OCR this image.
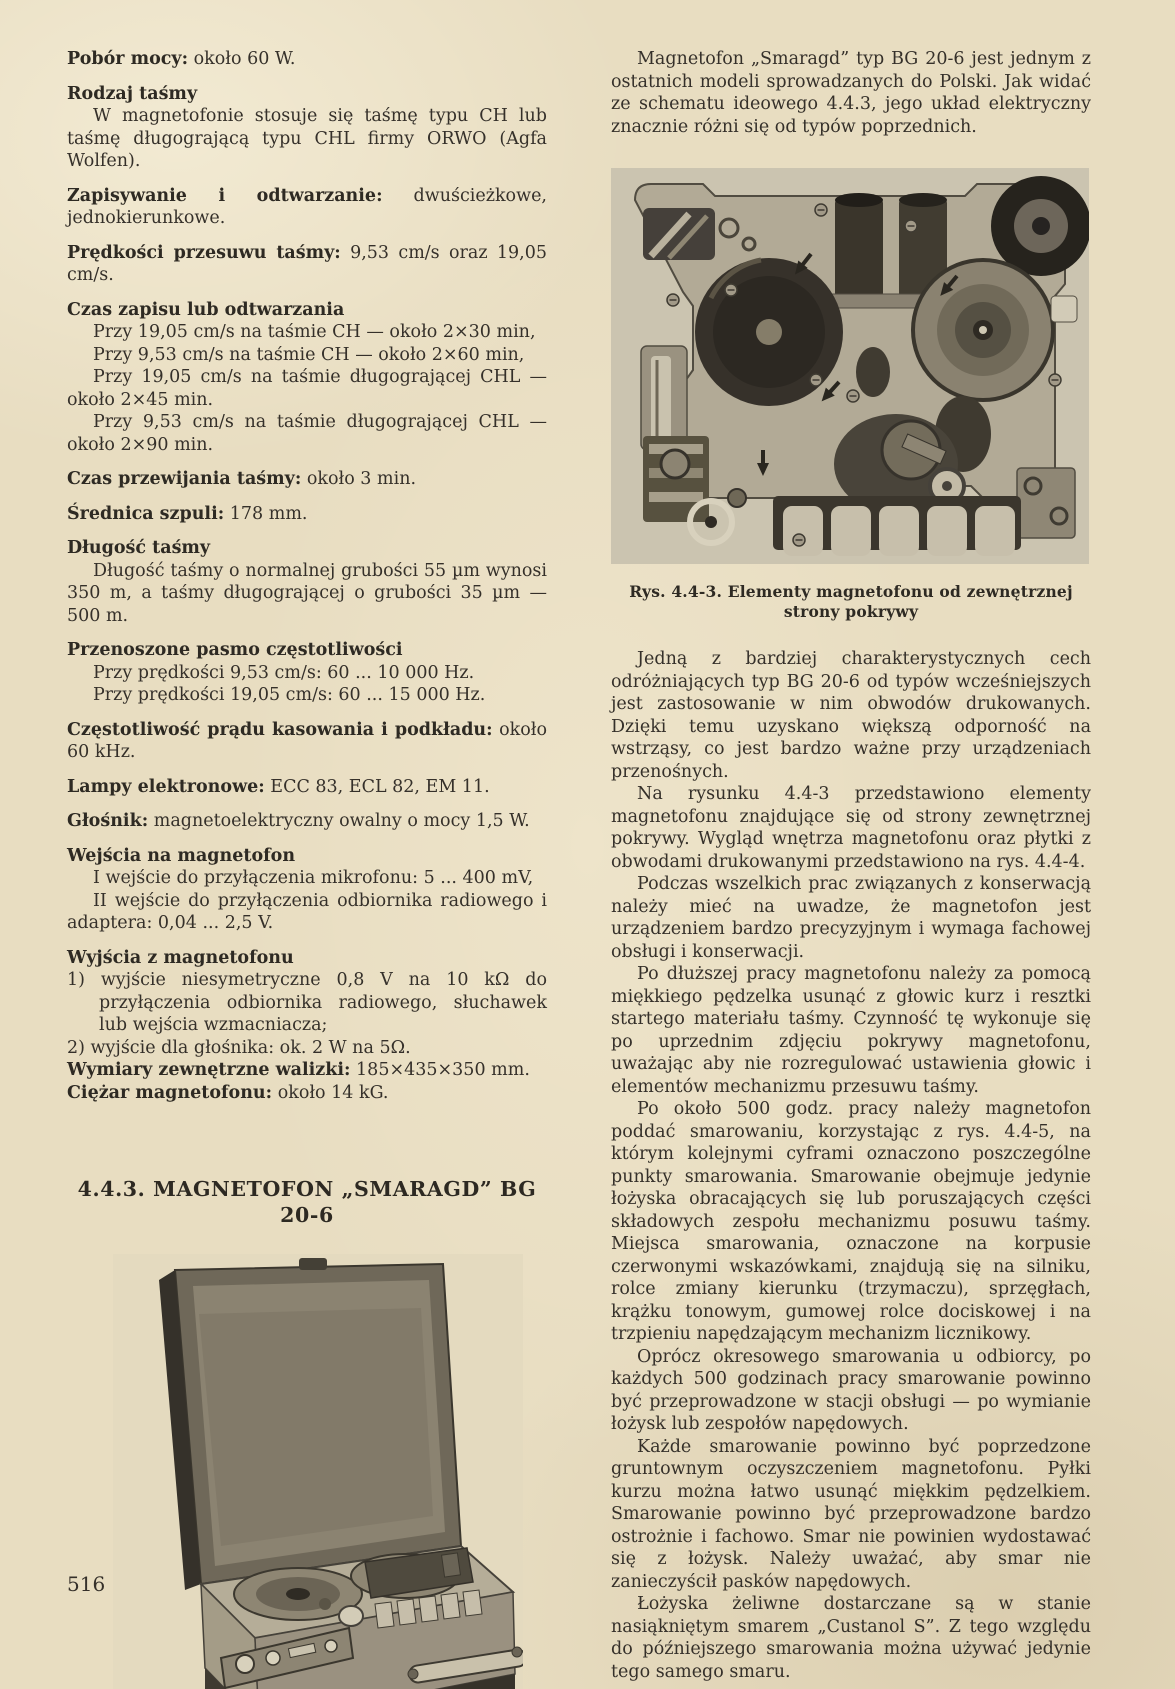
Pobór mocy: około 60 W.

Rodzaj taśmy

W magnetofonie stosuje się taśmę typu CH lub taśmę długogrającą typu CHL firmy ORWO (Agfa Wolfen).

Zapisywanie i odtwarzanie: dwuścieżkowe, jednokierunkowe.

Prędkości przesuwu taśmy: 9,53 cm/s oraz 19,05 cm/s.

Czas zapisu lub odtwarzania

Przy 19,05 cm/s na taśmie CH — około 2×30 min,

Przy 9,53 cm/s na taśmie CH — około 2×60 min,

Przy 19,05 cm/s na taśmie długogrającej CHL — około 2×45 min.

Przy 9,53 cm/s na taśmie długogrającej CHL — około 2×90 min.

Czas przewijania taśmy: około 3 min.

Średnica szpuli: 178 mm.

Długość taśmy

Długość taśmy o normalnej grubości 55 µm wynosi 350 m, a taśmy długogrającej o grubości 35 µm — 500 m.

Przenoszone pasmo częstotliwości

Przy prędkości 9,53 cm/s: 60 ... 10 000 Hz.

Przy prędkości 19,05 cm/s: 60 ... 15 000 Hz.

Częstotliwość prądu kasowania i podkładu: około 60 kHz.

Lampy elektronowe: ECC 83, ECL 82, EM 11.

Głośnik: magnetoelektryczny owalny o mocy 1,5 W.

Wejścia na magnetofon

I wejście do przyłączenia mikrofonu: 5 ... 400 mV,

II wejście do przyłączenia odbiornika radiowego i adaptera: 0,04 ... 2,5 V.

Wyjścia z magnetofonu

1) wyjście niesymetryczne 0,8 V na 10 kΩ do przyłączenia odbiornika radiowego, słuchawek lub wejścia wzmacniacza;

2) wyjście dla głośnika: ok. 2 W na 5Ω.

Wymiary zewnętrzne walizki: 185×435×350 mm.

Ciężar magnetofonu: około 14 kG.

4.4.3. MAGNETOFON „SMARAGD” BG 20-6

Magnetofon „Smaragd” typ BG 20-6 jest jednym z ostatnich modeli sprowadzanych do Polski. Jak widać ze schematu ideowego 4.4.3, jego układ elektryczny znacznie różni się od typów poprzednich.

Rys. 4.4-3. Elementy magnetofonu od zewnętrznej strony pokrywy

Jedną z bardziej charakterystycznych cech odróżniających typ BG 20-6 od typów wcześniejszych jest zastosowanie w nim obwodów drukowanych. Dzięki temu uzyskano większą odporność na wstrząsy, co jest bardzo ważne przy urządzeniach przenośnych.

Na rysunku 4.4-3 przedstawiono elementy magnetofonu znajdujące się od strony zewnętrznej pokrywy. Wygląd wnętrza magnetofonu oraz płytki z obwodami drukowanymi przedstawiono na rys. 4.4-4.

Podczas wszelkich prac związanych z konserwacją należy mieć na uwadze, że magnetofon jest urządzeniem bardzo precyzyjnym i wymaga fachowej obsługi i konserwacji.

Po dłuższej pracy magnetofonu należy za pomocą miękkiego pędzelka usunąć z głowic kurz i resztki startego materiału taśmy. Czynność tę wykonuje się po uprzednim zdjęciu pokrywy magnetofonu, uważając aby nie rozregulować ustawienia głowic i elementów mechanizmu przesuwu taśmy.

Po około 500 godz. pracy należy magnetofon poddać smarowaniu, korzystając z rys. 4.4-5, na którym kolejnymi cyframi oznaczono poszczególne punkty smarowania. Smarowanie obejmuje jedynie łożyska obracających się lub poruszających części składowych zespołu mechanizmu posuwu taśmy. Miejsca smarowania, oznaczone na korpusie czerwonymi wskazówkami, znajdują się na silniku, rolce zmiany kierunku (trzymaczu), sprzęgłach, krążku tonowym, gumowej rolce dociskowej i na trzpieniu napędzającym mechanizm licznikowy.

Oprócz okresowego smarowania u odbiorcy, po każdych 500 godzinach pracy smarowanie powinno być przeprowadzone w stacji obsługi — po wymianie łożysk lub zespołów napędowych.

Każde smarowanie powinno być poprzedzone gruntownym oczyszczeniem magnetofonu. Pyłki kurzu można łatwo usunąć miękkim pędzelkiem. Smarowanie powinno być przeprowadzone bardzo ostrożnie i fachowo. Smar nie powinien wydostawać się z łożysk. Należy uważać, aby smar nie zanieczyścił pasków napędowych.

Łożyska żeliwne dostarczane są w stanie nasiąkniętym smarem „Custanol S”. Z tego względu do późniejszego smarowania można używać jedynie tego samego smaru.

516
